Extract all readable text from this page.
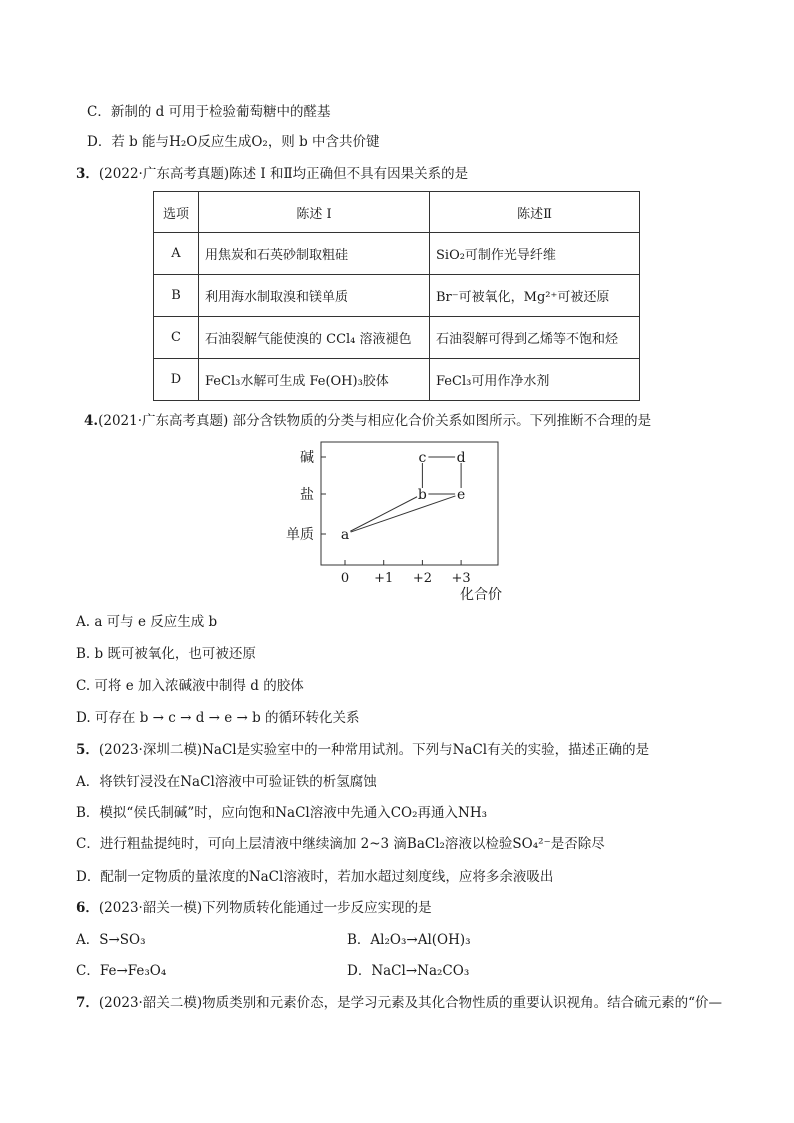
C．新制的 d 可用于检验葡萄糖中的醛基
D．若 b 能与H₂O反应生成O₂，则 b 中含共价键
3．(2022·广东高考真题)陈述 I 和Ⅱ均正确但不具有因果关系的是
选项	陈述 I	陈述Ⅱ
A	用焦炭和石英砂制取粗硅	SiO₂可制作光导纤维
B	利用海水制取溴和镁单质	Br⁻可被氧化，Mg²⁺可被还原
C	石油裂解气能使溴的 CCl₄ 溶液褪色	石油裂解可得到乙烯等不饱和烃
D	FeCl₃水解可生成 Fe(OH)₃胶体	FeCl₃可用作净水剂
4.(2021·广东高考真题) 部分含铁物质的分类与相应化合价关系如图所示。下列推断不合理的是
单质
盐
碱
0 +1 +2 +3
a
b e
c d
化合价
A. a 可与 e 反应生成 b
B. b 既可被氧化，也可被还原
C. 可将 e 加入浓碱液中制得 d 的胶体
D. 可存在 b → c → d → e → b 的循环转化关系
5．(2023·深圳二模)NaCl是实验室中的一种常用试剂。下列与NaCl有关的实验，描述正确的是
A．将铁钉浸没在NaCl溶液中可验证铁的析氢腐蚀
B．模拟“侯氏制碱”时，应向饱和NaCl溶液中先通入CO₂再通入NH₃
C．进行粗盐提纯时，可向上层清液中继续滴加 2~3 滴BaCl₂溶液以检验SO₄²⁻是否除尽
D．配制一定物质的量浓度的NaCl溶液时，若加水超过刻度线，应将多余液吸出
6．(2023·韶关一模)下列物质转化能通过一步反应实现的是
A．S→SO₃	B．Al₂O₃→Al(OH)₃
C．Fe→Fe₃O₄	D．NaCl→Na₂CO₃
7．(2023·韶关二模)物质类别和元素价态，是学习元素及其化合物性质的重要认识视角。结合硫元素的“价—
